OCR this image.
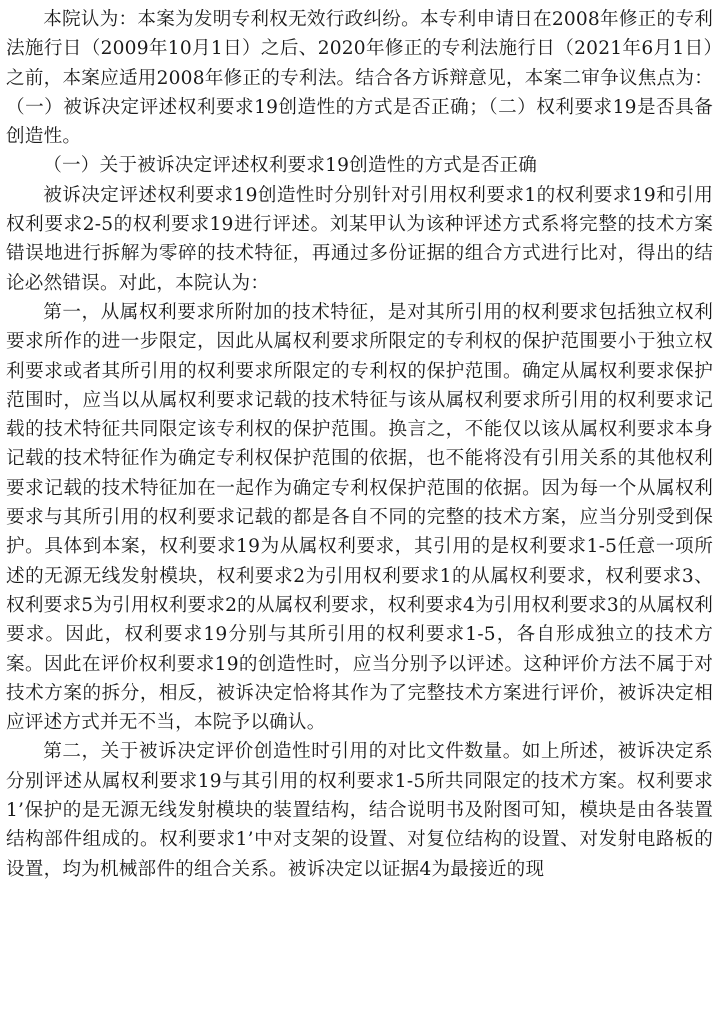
本院认为：本案为发明专利权无效行政纠纷。本专利申请日在2008年修正的专利法施行日（2009年10月1日）之后、2020年修正的专利法施行日（2021年6月1日）之前，本案应适用2008年修正的专利法。结合各方诉辩意见，本案二审争议焦点为：（一）被诉决定评述权利要求19创造性的方式是否正确；（二）权利要求19是否具备创造性。

（一）关于被诉决定评述权利要求19创造性的方式是否正确

被诉决定评述权利要求19创造性时分别针对引用权利要求1的权利要求19和引用权利要求2-5的权利要求19进行评述。刘某甲认为该种评述方式系将完整的技术方案错误地进行拆解为零碎的技术特征，再通过多份证据的组合方式进行比对，得出的结论必然错误。对此，本院认为：

第一，从属权利要求所附加的技术特征，是对其所引用的权利要求包括独立权利要求所作的进一步限定，因此从属权利要求所限定的专利权的保护范围要小于独立权利要求或者其所引用的权利要求所限定的专利权的保护范围。确定从属权利要求保护范围时，应当以从属权利要求记载的技术特征与该从属权利要求所引用的权利要求记载的技术特征共同限定该专利权的保护范围。换言之，不能仅以该从属权利要求本身记载的技术特征作为确定专利权保护范围的依据，也不能将没有引用关系的其他权利要求记载的技术特征加在一起作为确定专利权保护范围的依据。因为每一个从属权利要求与其所引用的权利要求记载的都是各自不同的完整的技术方案，应当分别受到保护。具体到本案，权利要求19为从属权利要求，其引用的是权利要求1-5任意一项所述的无源无线发射模块，权利要求2为引用权利要求1的从属权利要求，权利要求3、权利要求5为引用权利要求2的从属权利要求，权利要求4为引用权利要求3的从属权利要求。因此，权利要求19分别与其所引用的权利要求1-5，各自形成独立的技术方案。因此在评价权利要求19的创造性时，应当分别予以评述。这种评价方法不属于对技术方案的拆分，相反，被诉决定恰将其作为了完整技术方案进行评价，被诉决定相应评述方式并无不当，本院予以确认。

第二，关于被诉决定评价创造性时引用的对比文件数量。如上所述，被诉决定系分别评述从属权利要求19与其引用的权利要求1-5所共同限定的技术方案。权利要求1’保护的是无源无线发射模块的装置结构，结合说明书及附图可知，模块是由各装置结构部件组成的。权利要求1’中对支架的设置、对复位结构的设置、对发射电路板的设置，均为机械部件的组合关系。被诉决定以证据4为最接近的现
